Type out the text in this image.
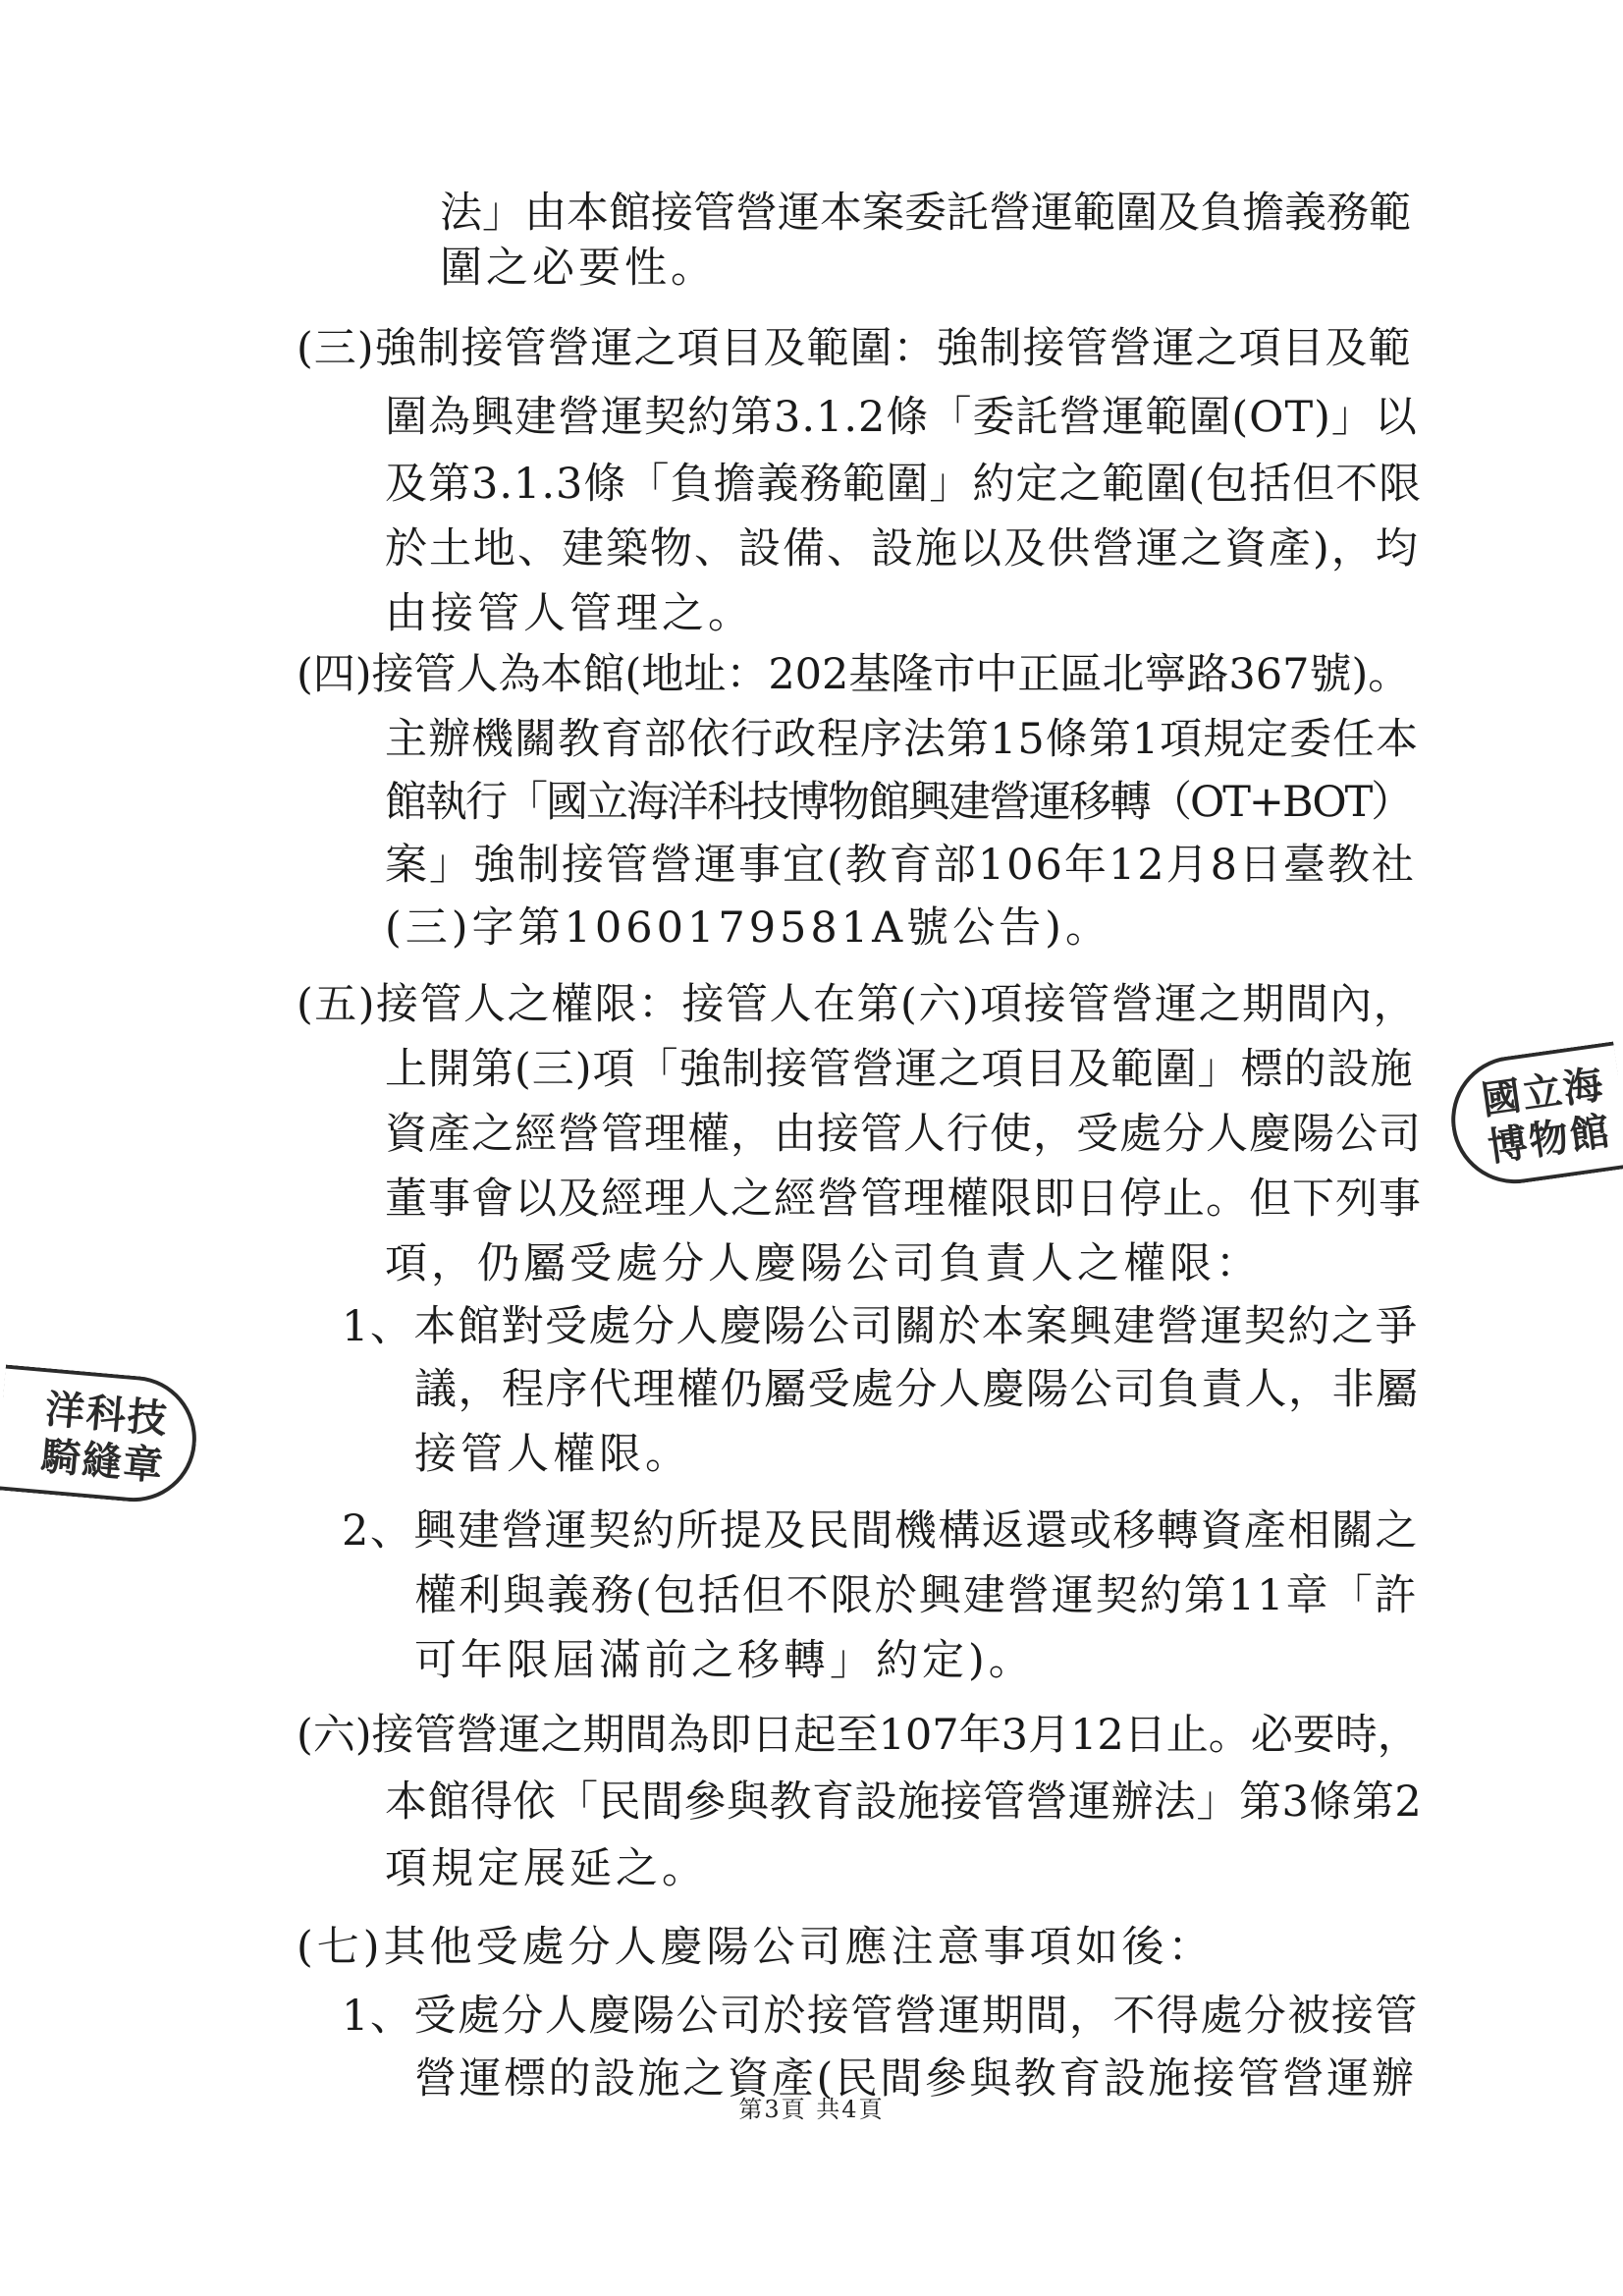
法」由本館接管營運本案委託營運範圍及負擔義務範
圍之必要性。
(三)強制接管營運之項目及範圍：強制接管營運之項目及範
圍為興建營運契約第3.1.2條「委託營運範圍(OT)」以
及第3.1.3條「負擔義務範圍」約定之範圍(包括但不限
於土地、建築物、設備、設施以及供營運之資產)，均
由接管人管理之。
(四)接管人為本館(地址：202基隆市中正區北寧路367號)。
主辦機關教育部依行政程序法第15條第1項規定委任本
館執行「國立海洋科技博物館興建營運移轉（OT+BOT）
案」強制接管營運事宜(教育部106年12月8日臺教社
(三)字第1060179581A號公告)。
(五)接管人之權限：接管人在第(六)項接管營運之期間內，
上開第(三)項「強制接管營運之項目及範圍」標的設施
資產之經營管理權，由接管人行使，受處分人慶陽公司
董事會以及經理人之經營管理權限即日停止。但下列事
項，仍屬受處分人慶陽公司負責人之權限：
1、本館對受處分人慶陽公司關於本案興建營運契約之爭
議，程序代理權仍屬受處分人慶陽公司負責人，非屬
接管人權限。
2、興建營運契約所提及民間機構返還或移轉資產相關之
權利與義務(包括但不限於興建營運契約第11章「許
可年限屆滿前之移轉」約定)。
(六)接管營運之期間為即日起至107年3月12日止。必要時，
本館得依「民間參與教育設施接管營運辦法」第3條第2
項規定展延之。
(七)其他受處分人慶陽公司應注意事項如後：
1、受處分人慶陽公司於接管營運期間，不得處分被接管
營運標的設施之資產(民間參與教育設施接管營運辦
國立海
博物館
洋科技
騎縫章
第3頁 共4頁
